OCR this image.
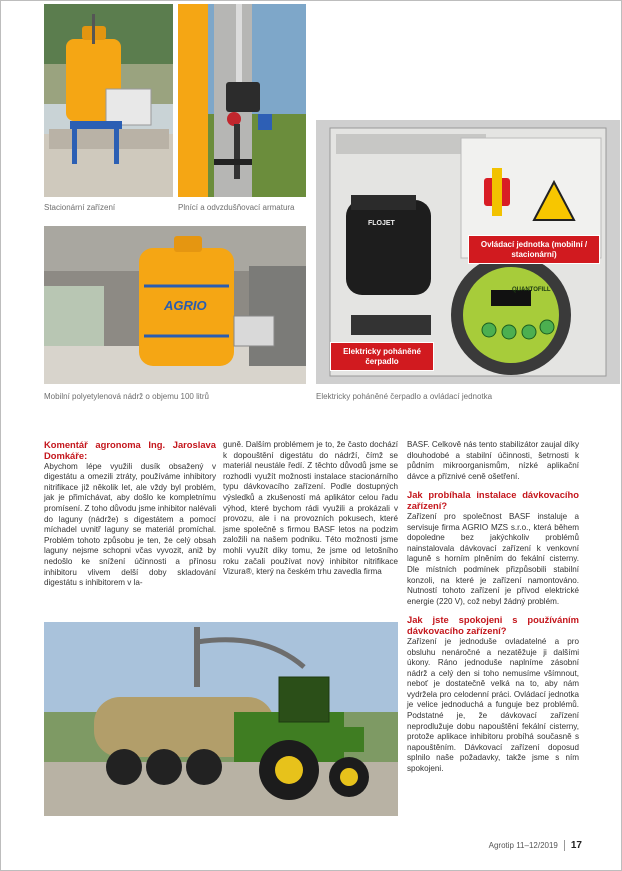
Stacionární zařízení	Plnící a odvzdušňovací armatura
AGRIO
Mobilní polyetylenová nádrž o objemu 100 litrů
FLOJET
QUANTOFILL
Ovládací jednotka (mobilní / stacionární)
Elektricky poháněné čerpadlo
Elektricky poháněné čerpadlo a ovládací jednotka

Komentář agronoma Ing. Jaroslava Domkáře:

Abychom lépe využili dusík obsažený v digestátu a omezili ztráty, používáme inhibitory nitrifikace již několik let, ale vždy byl problém, jak je přimíchávat, aby došlo ke kompletnímu promísení. Z toho důvodu jsme inhibitor nalévali do laguny (nádrže) s digestátem a pomocí míchadel uvnitř laguny se materiál promíchal. Problém tohoto způsobu je ten, že celý obsah laguny nejsme schopni včas vyvozit, aniž by nedošlo ke snížení účinnosti a přínosu inhibitoru vlivem delší doby skladování digestátu s inhibitorem v la-

guně. Dalším problémem je to, že často dochází k dopouštění digestátu do nádrží, čímž se materiál neustále ředí. Z těchto důvodů jsme se rozhodli využít možnosti instalace stacionárního typu dávkovacího zařízení. Podle dostupných výsledků a zkušeností má aplikátor celou řadu výhod, které bychom rádi využili a prokázali v provozu, ale i na provozních pokusech, které jsme společně s firmou BASF letos na podzim založili na našem podniku. Této možnosti jsme mohli využít díky tomu, že jsme od letošního roku začali používat nový inhibitor nitrifikace Vizura®, který na českém trhu zavedla firma

BASF. Celkově nás tento stabilizátor zaujal díky dlouhodobé a stabilní účinnosti, šetrnosti k půdním mikroorganismům, nízké aplikační dávce a příznivé ceně ošetření.

Jak probíhala instalace dávkovacího zařízení?

Zařízení pro společnost BASF instaluje a servisuje firma AGRIO MZS s.r.o., která během dopoledne bez jakýchkoliv problémů nainstalovala dávkovací zařízení k venkovní laguně s horním plněním do fekální cisterny. Dle místních podmínek přizpůsobili stabilní konzoli, na které je zařízení namontováno. Nutností tohoto zařízení je přívod elektrické energie (220 V), což nebyl žádný problém.

Jak jste spokojeni s používáním dávkovacího zařízení?

Zařízení je jednoduše ovladatelné a pro obsluhu nenáročné a nezatěžuje ji dalšími úkony. Ráno jednoduše naplníme zásobní nádrž a celý den si toho nemusíme všímnout, neboť je dostatečně velká na to, aby nám vydržela pro celodenní práci. Ovládací jednotka je velice jednoduchá a funguje bez problémů. Podstatné je, že dávkovací zařízení neprodlužuje dobu napouštění fekální cisterny, protože aplikace inhibitoru probíhá současně s napouštěním. Dávkovací zařízení doposud splnilo naše požadavky, takže jsme s ním spokojeni.

Agrotip 11–12/2019 17
